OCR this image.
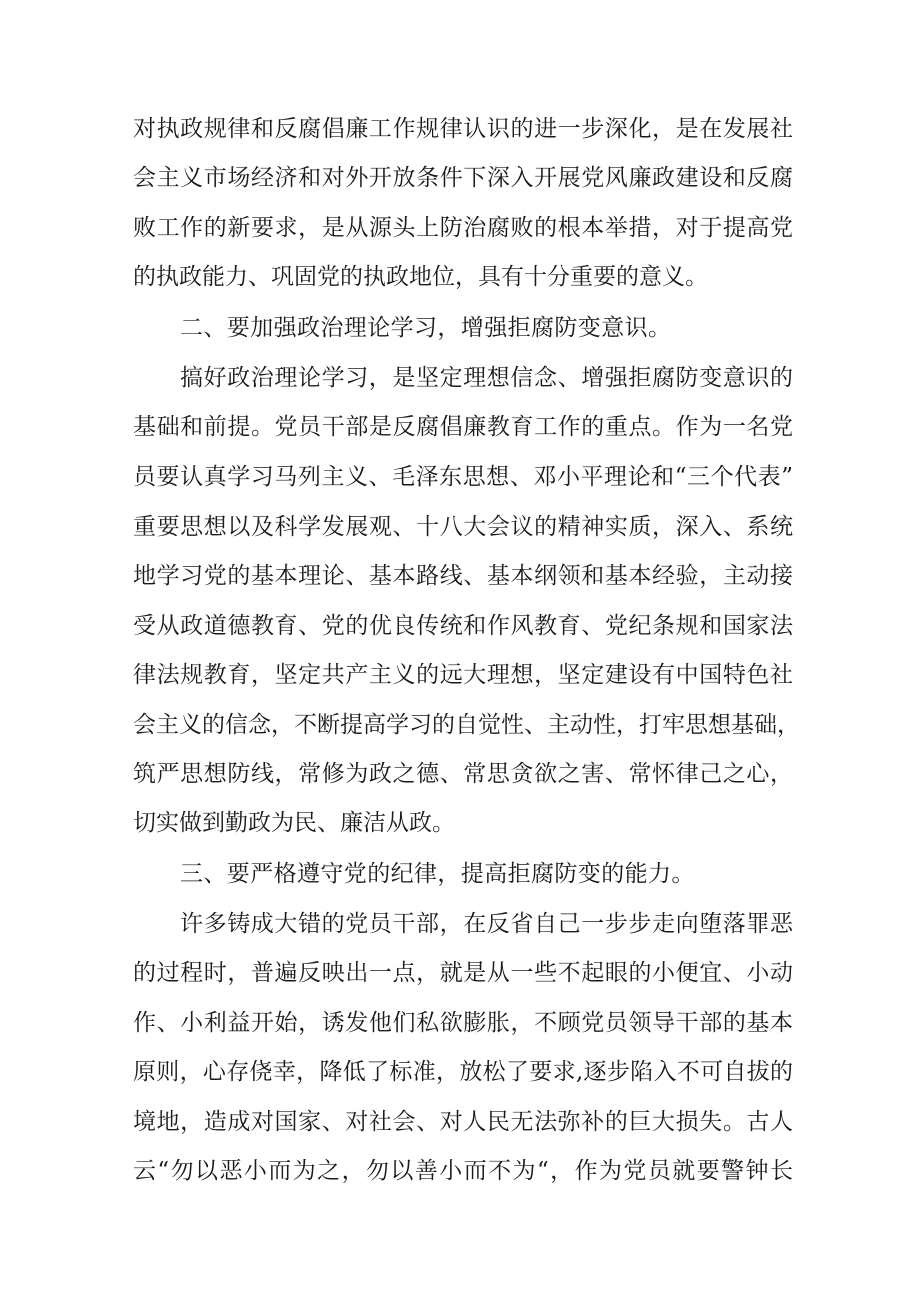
对执政规律和反腐倡廉工作规律认识的进一步深化，是在发展社
会主义市场经济和对外开放条件下深入开展党风廉政建设和反腐
败工作的新要求，是从源头上防治腐败的根本举措，对于提高党
的执政能力、巩固党的执政地位，具有十分重要的意义。
二、要加强政治理论学习，增强拒腐防变意识。
搞好政治理论学习，是坚定理想信念、增强拒腐防变意识的
基础和前提。党员干部是反腐倡廉教育工作的重点。作为一名党
员要认真学习马列主义、毛泽东思想、邓小平理论和“三个代表”
重要思想以及科学发展观、十八大会议的精神实质，深入、系统
地学习党的基本理论、基本路线、基本纲领和基本经验，主动接
受从政道德教育、党的优良传统和作风教育、党纪条规和国家法
律法规教育，坚定共产主义的远大理想，坚定建设有中国特色社
会主义的信念，不断提高学习的自觉性、主动性，打牢思想基础，
筑严思想防线，常修为政之德、常思贪欲之害、常怀律己之心，
切实做到勤政为民、廉洁从政。
三、要严格遵守党的纪律，提高拒腐防变的能力。
许多铸成大错的党员干部，在反省自己一步步走向堕落罪恶
的过程时，普遍反映出一点，就是从一些不起眼的小便宜、小动
作、小利益开始，诱发他们私欲膨胀，不顾党员领导干部的基本
原则，心存侥幸，降低了标准，放松了要求,逐步陷入不可自拔的
境地，造成对国家、对社会、对人民无法弥补的巨大损失。古人
云“勿以恶小而为之，勿以善小而不为“，作为党员就要警钟长
